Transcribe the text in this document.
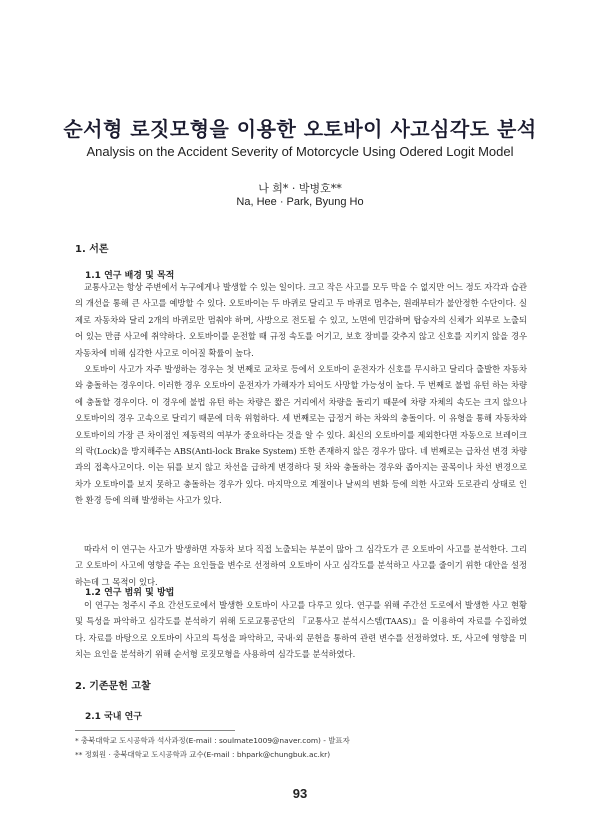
순서형 로짓모형을 이용한 오토바이 사고심각도 분석
Analysis on the Accident Severity of Motorcycle Using Odered Logit Model
나 희* · 박병호**
Na, Hee · Park, Byung Ho
1. 서론
1.1 연구 배경 및 목적

교통사고는 항상 주변에서 누구에게나 발생할 수 있는 일이다. 크고 작은 사고를 모두 막을 수 없지만 어느 정도 자각과 습관의 개선을 통해 큰 사고를 예방할 수 있다. 오토바이는 두 바퀴로 달리고 두 바퀴로 멈추는, 원래부터가 불안정한 수단이다. 실제로 자동차와 달리 2개의 바퀴로만 멈춰야 하며, 사방으로 전도될 수 있고, 노면에 민감하며 탑승자의 신체가 외부로 노출되어 있는 만큼 사고에 취약하다. 오토바이를 운전할 때 규정 속도를 어기고, 보호 장비를 갖추지 않고 신호를 지키지 않을 경우 자동차에 비해 심각한 사고로 이어질 확률이 높다.

오토바이 사고가 자주 발생하는 경우는 첫 번째로 교차로 등에서 오토바이 운전자가 신호를 무시하고 달리다 출발한 자동차와 충돌하는 경우이다. 이러한 경우 오토바이 운전자가 가해자가 되어도 사망할 가능성이 높다. 두 번째로 불법 유턴 하는 차량에 충돌할 경우이다. 이 경우에 불법 유턴 하는 차량은 짧은 거리에서 차량을 돌리기 때문에 차량 자체의 속도는 크지 않으나 오토바이의 경우 고속으로 달리기 때문에 더욱 위험하다. 세 번째로는 급정거 하는 차와의 충돌이다. 이 유형을 통해 자동차와 오토바이의 가장 큰 차이점인 제동력의 여부가 중요하다는 것을 알 수 있다. 최신의 오토바이를 제외한다면 자동으로 브레이크의 락(Lock)을 방지해주는 ABS(Anti-lock Brake System) 또한 존재하지 않은 경우가 많다. 네 번째로는 급차선 변경 차량과의 접촉사고이다. 이는 뒤를 보지 않고 차선을 급하게 변경하다 뒷 차와 충돌하는 경우와 좁아지는 골목이나 차선 변경으로 차가 오토바이를 보지 못하고 충돌하는 경우가 있다. 마지막으로 계절이나 날씨의 변화 등에 의한 사고와 도로관리 상태로 인한 환경 등에 의해 발생하는 사고가 있다.

따라서 이 연구는 사고가 발생하면 자동차 보다 직접 노출되는 부분이 많아 그 심각도가 큰 오토바이 사고를 분석한다. 그리고 오토바이 사고에 영향을 주는 요인들을 변수로 선정하여 오토바이 사고 심각도를 분석하고 사고를 줄이기 위한 대안을 설정하는데 그 목적이 있다.

1.2 연구 범위 및 방법

이 연구는 청주시 주요 간선도로에서 발생한 오토바이 사고를 다루고 있다. 연구를 위해 주간선 도로에서 발생한 사고 현황 및 특성을 파악하고 심각도를 분석하기 위해 도로교통공단의 『교통사고 분석시스템(TAAS)』을 이용하여 자료를 수집하였다. 자료를 바탕으로 오토바이 사고의 특성을 파악하고, 국내·외 문헌을 통하여 관련 변수를 선정하였다. 또, 사고에 영향을 미치는 요인을 분석하기 위해 순서형 로짓모형을 사용하여 심각도를 분석하였다.

2. 기존문헌 고찰
2.1 국내 연구

* 충북대학교 도시공학과 석사과정(E-mail : soulmate1009@naver.com) - 발표자

** 정회원 · 충북대학교 도시공학과 교수(E-mail : bhpark@chungbuk.ac.kr)

93
